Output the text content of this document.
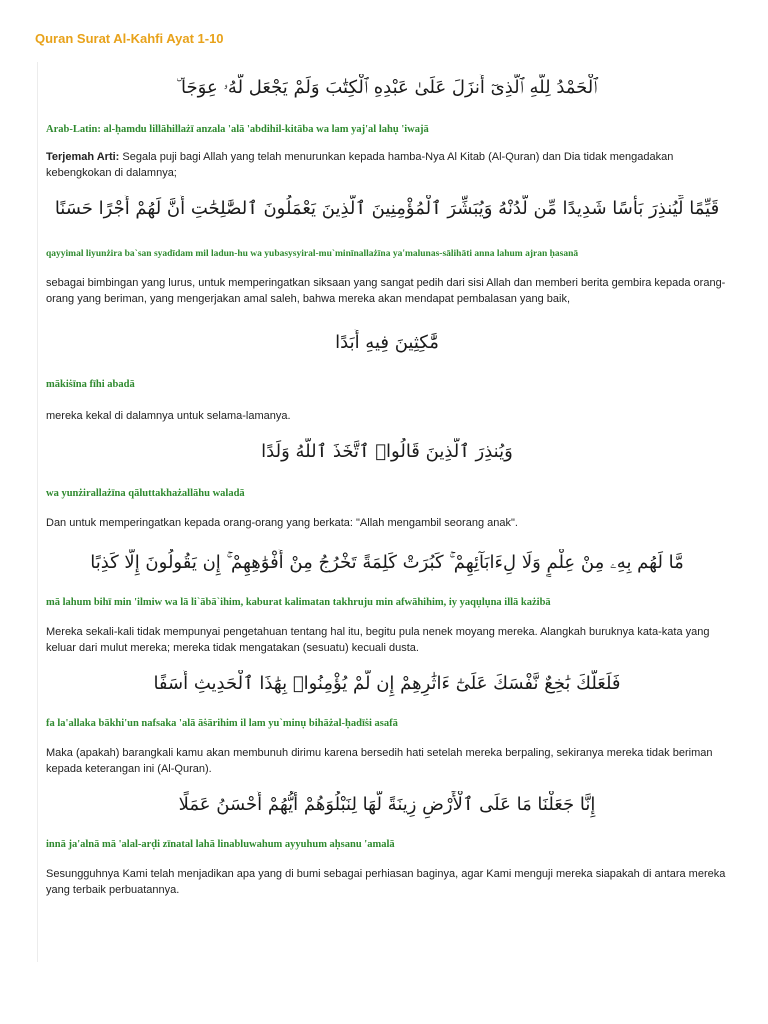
Quran Surat Al-Kahfi Ayat 1-10
ٱلْحَمْدُ لِلَّهِ ٱلَّذِىٓ أَنزَلَ عَلَىٰ عَبْدِهِ ٱلْكِتَٰبَ وَلَمْ يَجْعَل لَّهُۥ عِوَجَا ۜ
Arab-Latin: al-ḥamdu lillāhillażī anzala 'alā 'abdihil-kitāba wa lam yaj'al lahụ 'iwajā
Terjemah Arti: Segala puji bagi Allah yang telah menurunkan kepada hamba-Nya Al Kitab (Al-Quran) dan Dia tidak mengadakan kebengkokan di dalamnya;
قَيِّمًا لِّيُنذِرَ بَأْسًا شَدِيدًا مِّن لَّدُنْهُ وَيُبَشِّرَ ٱلْمُؤْمِنِينَ ٱلَّذِينَ يَعْمَلُونَ ٱلصَّٰلِحَٰتِ أَنَّ لَهُمْ أَجْرًا حَسَنًا
qayyimal liyunżira ba`san syadīdam mil ladun-hu wa yubasysyiral-mu`minīnallażīna ya'malunas-sālihāti anna lahum ajran ḥasanā
sebagai bimbingan yang lurus, untuk memperingatkan siksaan yang sangat pedih dari sisi Allah dan memberi berita gembira kepada orang-orang yang beriman, yang mengerjakan amal saleh, bahwa mereka akan mendapat pembalasan yang baik,
مَّٰكِثِينَ فِيهِ أَبَدًا
mākiṡīna fīhi abadā
mereka kekal di dalamnya untuk selama-lamanya.
وَيُنذِرَ ٱلَّذِينَ قَالُوا۟ ٱتَّخَذَ ٱللَّهُ وَلَدًا
wa yunżirallażīna qāluttakhażallāhu waladā
Dan untuk memperingatkan kepada orang-orang yang berkata: "Allah mengambil seorang anak".
مَّا لَهُم بِهِۦ مِنْ عِلْمٍ وَلَا لِءَابَآئِهِمْ ۚ كَبُرَتْ كَلِمَةً تَخْرُجُ مِنْ أَفْوَٰهِهِمْ ۚ إِن يَقُولُونَ إِلَّا كَذِبًا
mā lahum bihī min 'ilmiw wa lā li`ābā`ihim, kaburat kalimatan takhruju min afwāhihim, iy yaqụlụna illā każibā
Mereka sekali-kali tidak mempunyai pengetahuan tentang hal itu, begitu pula nenek moyang mereka. Alangkah buruknya kata-kata yang keluar dari mulut mereka; mereka tidak mengatakan (sesuatu) kecuali dusta.
فَلَعَلَّكَ بَٰخِعٌ نَّفْسَكَ عَلَىٰٓ ءَاثَٰرِهِمْ إِن لَّمْ يُؤْمِنُوا۟ بِهَٰذَا ٱلْحَدِيثِ أَسَفًا
fa la'allaka bākhi'un nafsaka 'alā āṡārihim il lam yu`minụ bihāżal-ḥadīṡi asafā
Maka (apakah) barangkali kamu akan membunuh dirimu karena bersedih hati setelah mereka berpaling, sekiranya mereka tidak beriman kepada keterangan ini (Al-Quran).
إِنَّا جَعَلْنَا مَا عَلَى ٱلْأَرْضِ زِينَةً لَّهَا لِنَبْلُوَهُمْ أَيُّهُمْ أَحْسَنُ عَمَلًا
innā ja'alnā mā 'alal-arḍi zīnatal lahā linabluwahum ayyuhum aḥsanu 'amalā
Sesungguhnya Kami telah menjadikan apa yang di bumi sebagai perhiasan baginya, agar Kami menguji mereka siapakah di antara mereka yang terbaik perbuatannya.
